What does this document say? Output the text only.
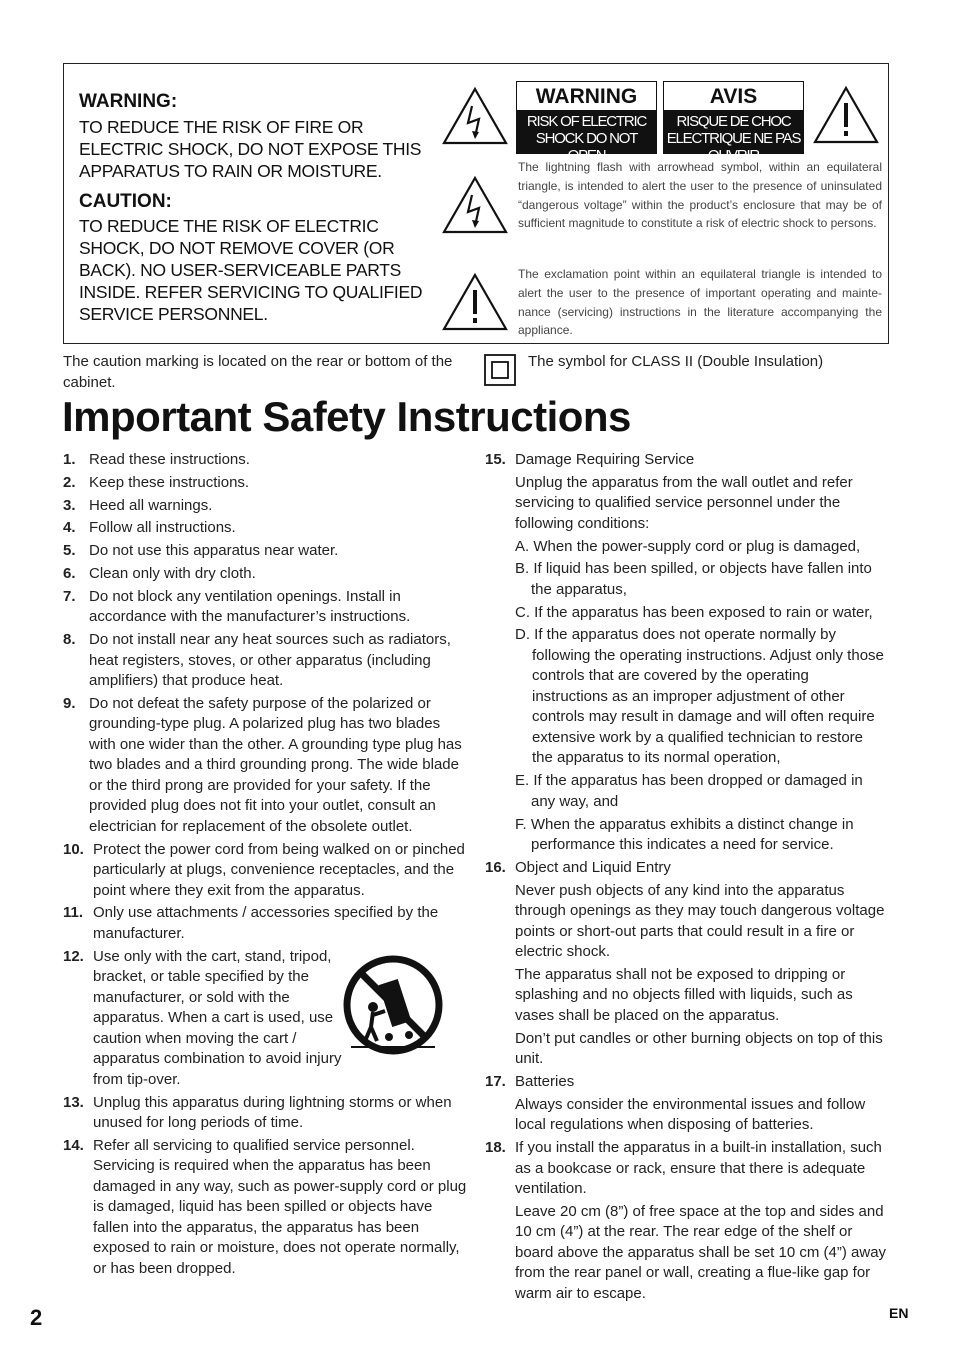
WARNING:
TO REDUCE THE RISK OF FIRE OR ELECTRIC SHOCK, DO NOT EXPOSE THIS APPARATUS TO RAIN OR MOISTURE.
CAUTION:
TO REDUCE THE RISK OF ELECTRIC SHOCK, DO NOT REMOVE COVER (OR BACK). NO USER-SERVICEABLE PARTS INSIDE. REFER SERVICING TO QUALIFIED SERVICE PERSONNEL.
WARNING
RISK OF ELECTRIC SHOCK DO NOT OPEN
AVIS
RISQUE DE CHOC ELECTRIQUE NE PAS OUVRIR
The lightning flash with arrowhead symbol, within an equilateral triangle, is intended to alert the user to the presence of uninsulated “dangerous voltage” within the product’s enclosure that may be of sufficient magnitude to constitute a risk of electric shock to persons.
The exclamation point within an equilateral triangle is intended to alert the user to the presence of important operating and mainte-nance (servicing) instructions in the literature accompanying the appliance.
The caution marking is located on the rear or bottom of the cabinet.
The symbol for CLASS II (Double Insulation)
Important Safety Instructions
1. Read these instructions.
2. Keep these instructions.
3. Heed all warnings.
4. Follow all instructions.
5. Do not use this apparatus near water.
6. Clean only with dry cloth.
7. Do not block any ventilation openings. Install in accordance with the manufacturer’s instructions.
8. Do not install near any heat sources such as radiators, heat registers, stoves, or other apparatus (including amplifiers) that produce heat.
9. Do not defeat the safety purpose of the polarized or grounding-type plug. A polarized plug has two blades with one wider than the other. A grounding type plug has two blades and a third grounding prong. The wide blade or the third prong are provided for your safety. If the provided plug does not fit into your outlet, consult an electrician for replacement of the obsolete outlet.
10. Protect the power cord from being walked on or pinched particularly at plugs, convenience receptacles, and the point where they exit from the apparatus.
11. Only use attachments / accessories specified by the manufacturer.
12. Use only with the cart, stand, tripod, bracket, or table specified by the manufacturer, or sold with the apparatus. When a cart is used, use caution when moving the cart / apparatus combination to avoid injury from tip-over.
13. Unplug this apparatus during lightning storms or when unused for long periods of time.
14. Refer all servicing to qualified service personnel. Servicing is required when the apparatus has been damaged in any way, such as power-supply cord or plug is damaged, liquid has been spilled or objects have fallen into the apparatus, the apparatus has been exposed to rain or moisture, does not operate normally, or has been dropped.
15. Damage Requiring Service
Unplug the apparatus from the wall outlet and refer servicing to qualified service personnel under the following conditions:
A. When the power-supply cord or plug is damaged,
B. If liquid has been spilled, or objects have fallen into the apparatus,
C. If the apparatus has been exposed to rain or water,
D. If the apparatus does not operate normally by following the operating instructions. Adjust only those controls that are covered by the operating instructions as an improper adjustment of other controls may result in damage and will often require extensive work by a qualified technician to restore the apparatus to its normal operation,
E. If the apparatus has been dropped or damaged in any way, and
F. When the apparatus exhibits a distinct change in performance this indicates a need for service.
16. Object and Liquid Entry
Never push objects of any kind into the apparatus through openings as they may touch dangerous voltage points or short-out parts that could result in a fire or electric shock.
The apparatus shall not be exposed to dripping or splashing and no objects filled with liquids, such as vases shall be placed on the apparatus.
Don’t put candles or other burning objects on top of this unit.
17. Batteries
Always consider the environmental issues and follow local regulations when disposing of batteries.
18. If you install the apparatus in a built-in installation, such as a bookcase or rack, ensure that there is adequate ventilation.
Leave 20 cm (8”) of free space at the top and sides and 10 cm (4”) at the rear. The rear edge of the shelf or board above the apparatus shall be set 10 cm (4”) away from the rear panel or wall, creating a flue-like gap for warm air to escape.
2	EN
